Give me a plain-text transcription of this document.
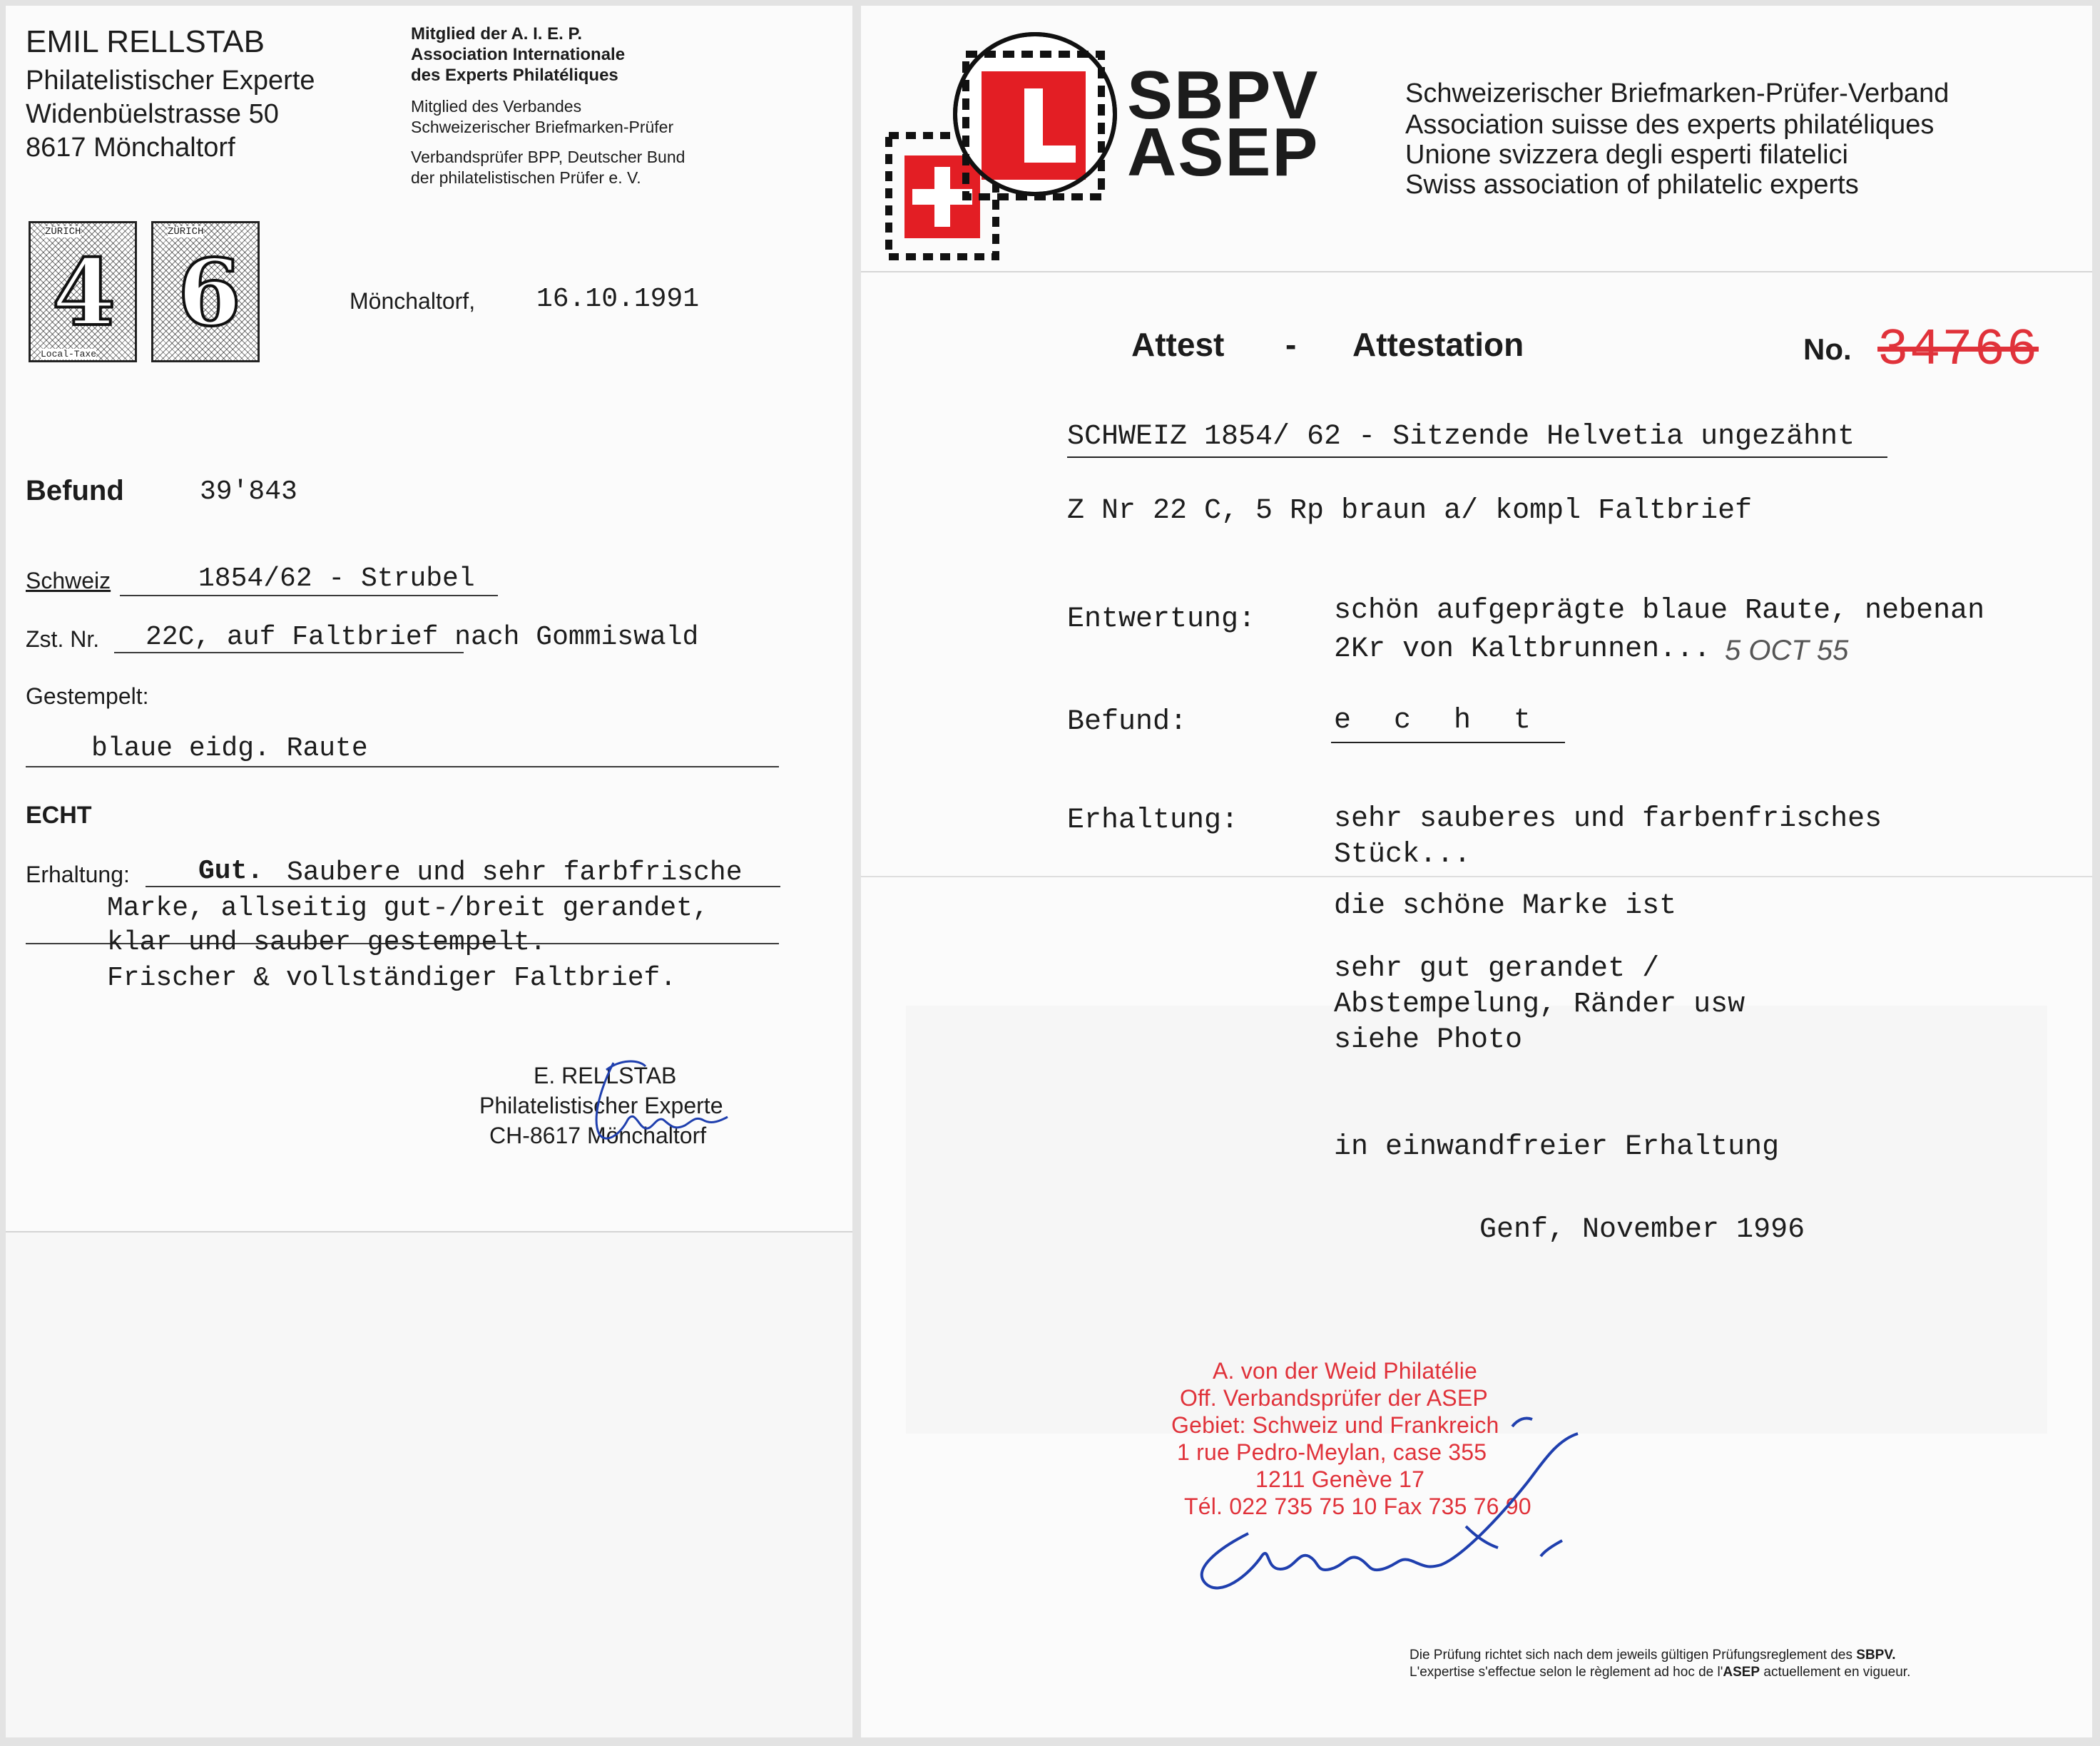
EMIL RELLSTAB
Philatelistischer Experte
Widenbüelstrasse 50
8617 Mönchaltorf
Mitglied der A. I. E. P.
Association Internationale
des Experts Philatéliques
Mitglied des Verbandes
Schweizerischer Briefmarken-Prüfer
Verbandsprüfer BPP, Deutscher Bund
der philatelistischen Prüfer e. V.
ZÜRICH
4
Local-Taxe
ZÜRICH
6	Mönchaltorf, 16.10.1991
Befund	39'843
Schweiz	1854/62 - Strubel
Zst. Nr. 22C, auf Faltbrief nach Gommiswald
Gestempelt:
blaue eidg. Raute
ECHT
Erhaltung:	Gut. Saubere und sehr farbfrische
Marke, allseitig gut-/breit gerandet,
klar und sauber gestempelt.
Frischer & vollständiger Faltbrief.
E. RELLSTAB
Philatelistischer Experte
CH-8617 Mönchaltorf
SBPV
ASEP
Schweizerischer Briefmarken-Prüfer-Verband
Association suisse des experts philatéliques
Unione svizzera degli esperti filatelici
Swiss association of philatelic experts
Attest - Attestation	No. 34766
SCHWEIZ 1854/ 62 - Sitzende Helvetia ungezähnt
Z Nr 22 C, 5 Rp braun a/ kompl Faltbrief
Entwertung:	schön aufgeprägte blaue Raute, nebenan
2Kr von Kaltbrunnen... 5 OCT 55
Befund:	e c h t
Erhaltung:	sehr sauberes und farbenfrisches
Stück...
die schöne Marke ist
sehr gut gerandet /
Abstempelung, Ränder usw
siehe Photo
in einwandfreier Erhaltung
Genf, November 1996
A. von der Weid Philatélie
Off. Verbandsprüfer der ASEP
Gebiet: Schweiz und Frankreich
1 rue Pedro-Meylan, case 355
1211 Genève 17
Tél. 022 735 75 10 Fax 735 76 90
Die Prüfung richtet sich nach dem jeweils gültigen Prüfungsreglement des SBPV.
L'expertise s'effectue selon le règlement ad hoc de l'ASEP actuellement en vigueur.
